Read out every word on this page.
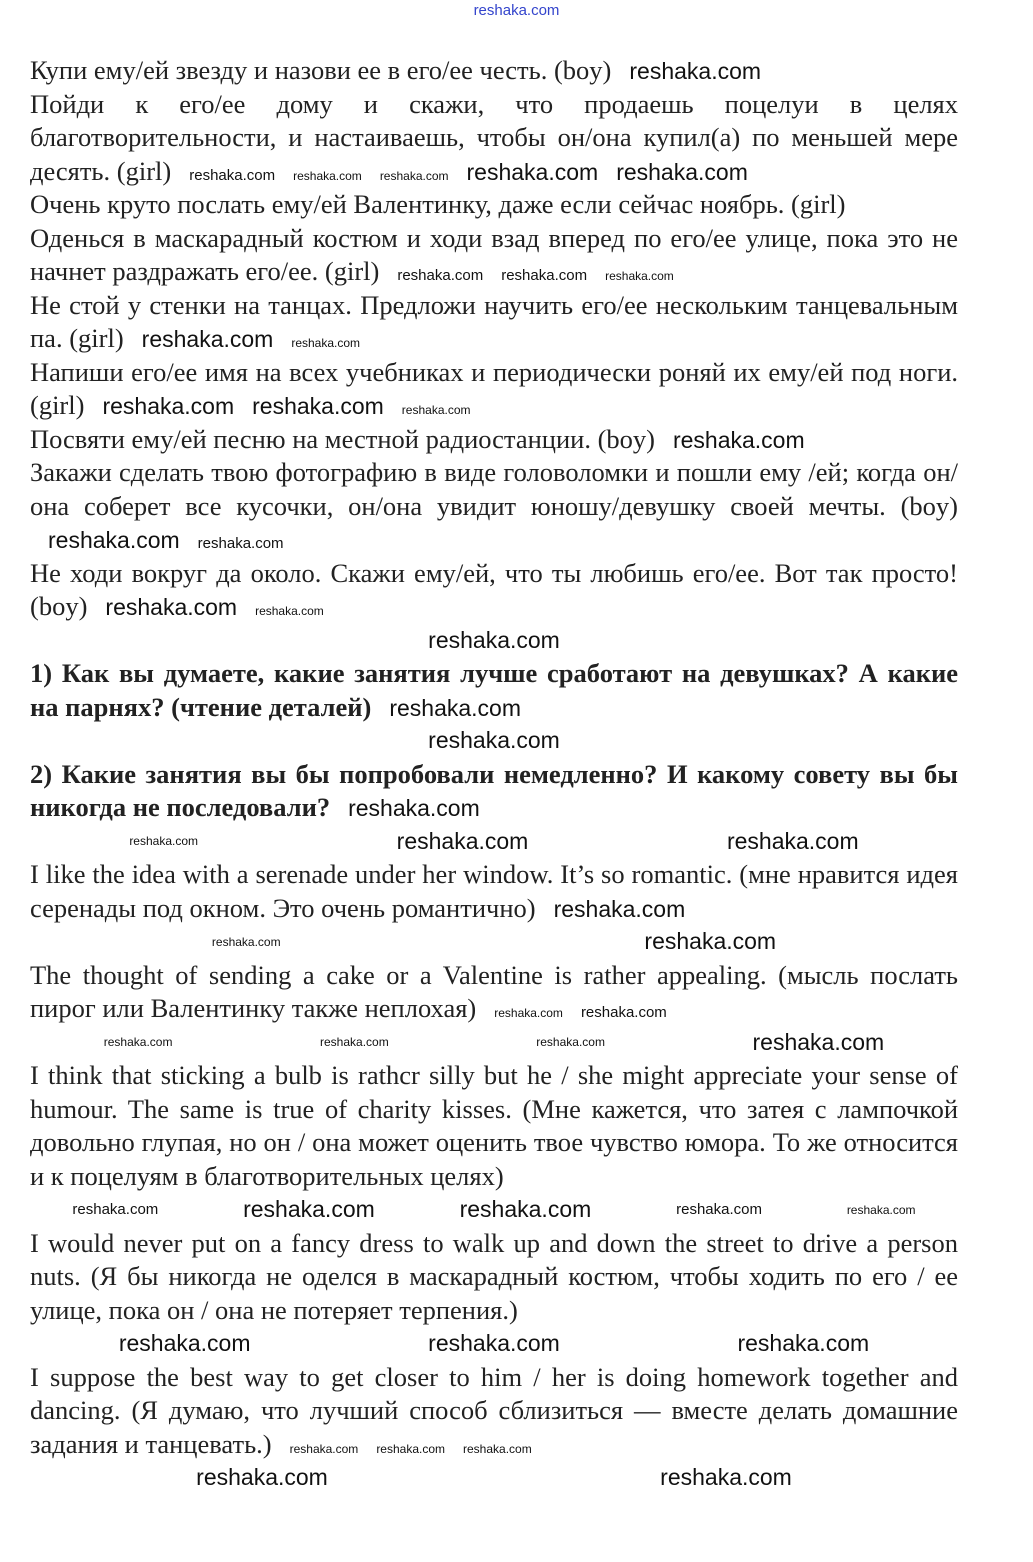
reshaka.com
Купи ему/ей звезду и назови ее в его/ее честь. (boy) reshaka.com
Пойди к его/ее дому и скажи, что продаешь поцелуи в целях благотворительности, и настаиваешь, чтобы он/она купил(а) по меньшей мере десять. (girl) reshaka.com reshaka.com reshaka.com reshaka.com reshaka.com
Очень круто послать ему/ей Валентинку, даже если сейчас ноябрь. (girl)
Оденься в маскарадный костюм и ходи взад вперед по его/ее улице, пока это не начнет раздражать его/ее. (girl) reshaka.com reshaka.com reshaka.com
Не стой у стенки на танцах. Предложи научить его/ее нескольким танцевальным па. (girl) reshaka.com reshaka.com
Напиши его/ее имя на всех учебниках и периодически роняй их ему/ей под ноги. (girl) reshaka.com reshaka.com reshaka.com
Посвяти ему/ей песню на местной радиостанции. (boy) reshaka.com
Закажи сделать твою фотографию в виде головоломки и пошли ему /ей; когда он/она соберет все кусочки, он/она увидит юношу/девушку своей мечты. (boy)reshaka.com reshaka.com
Не ходи вокруг да около. Скажи ему/ей, что ты любишь его/ее. Вот так просто! (boy) reshaka.com reshaka.com
reshaka.com
1) Как вы думаете, какие занятия лучше сработают на девушках? А какие на парнях? (чтение деталей) reshaka.com
reshaka.com
2) Какие занятия вы бы попробовали немедленно? И какому совету вы бы никогда не последовали? reshaka.com
reshaka.com	reshaka.com	reshaka.com
I like the idea with a serenade under her window. It’s so romantic. (мне нравится идея серенады под окном. Это очень романтично) reshaka.com
reshaka.com	reshaka.com
The thought of sending a cake or a Valentine is rather appealing. (мысль послать пирог или Валентинку также неплохая) reshaka.com reshaka.com
reshaka.com	reshaka.com	reshaka.com	reshaka.com
I think that sticking a bulb is rathcr silly but he / she might appreciate your sense of humour. The same is true of charity kisses. (Мне кажется, что затея с лампочкой довольно глупая, но он / она может оценить твое чувство юмора. То же относится и к поцелуям в благотворительных целях)
reshaka.com	reshaka.com	reshaka.com	reshaka.com	reshaka.com
I would never put on a fancy dress to walk up and down the street to drive a person nuts. (Я бы никогда не оделся в маскарадный костюм, чтобы ходить по его / ее улице, пока он / она не потеряет терпения.)
reshaka.com	reshaka.com	reshaka.com
I suppose the best way to get closer to him / her is doing homework together and dancing. (Я думаю, что лучший способ сблизиться — вместе делать домашние задания и танцевать.) reshaka.com reshaka.com reshaka.com
reshaka.com	reshaka.com
